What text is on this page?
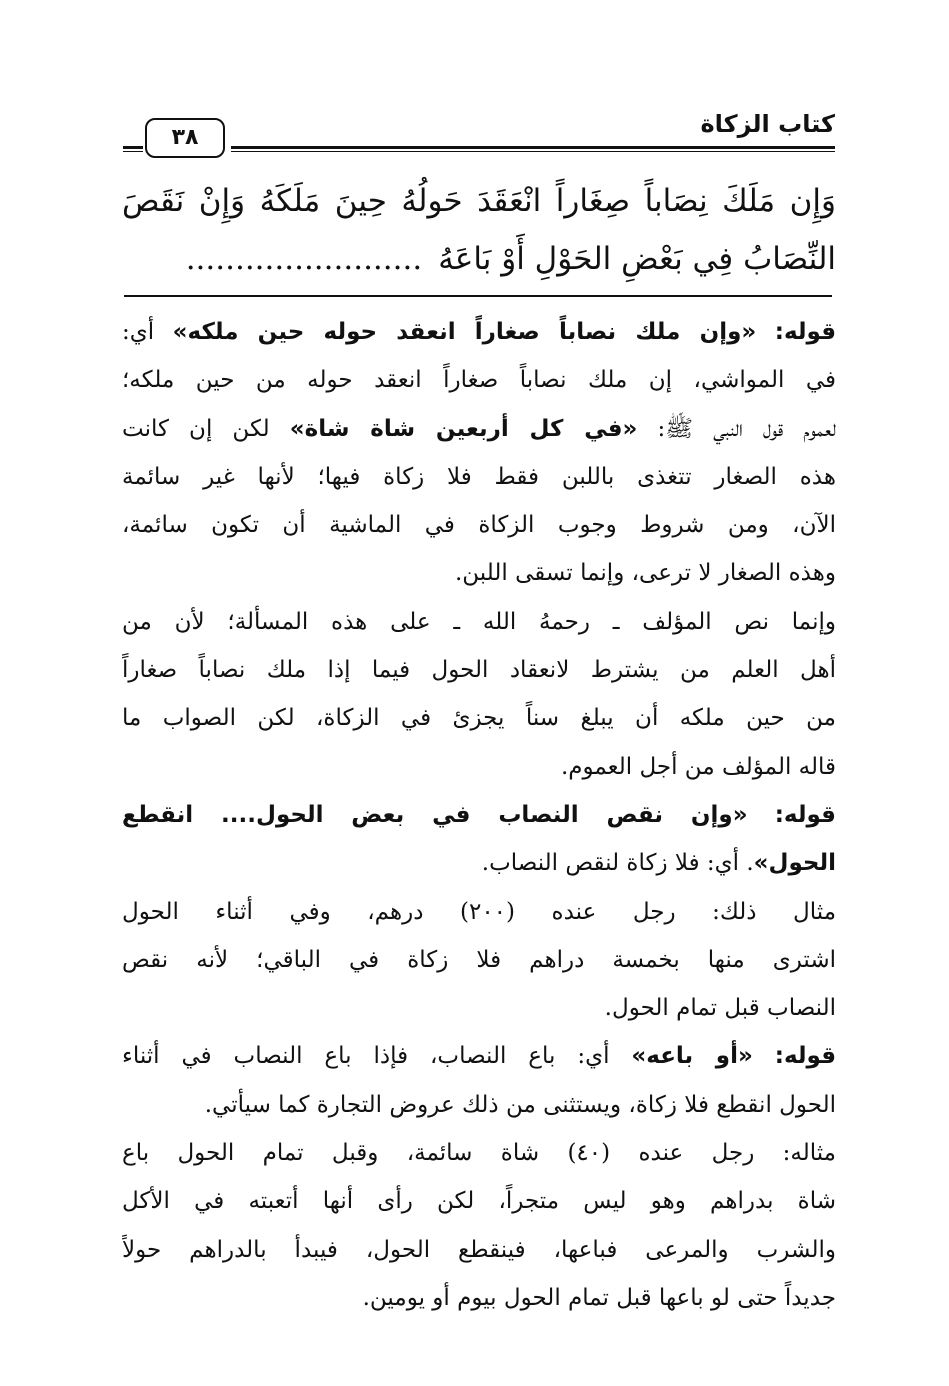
كتاب الزكاة
٣٨
وَإِن مَلَكَ نِصَاباً صِغَاراً انْعَقَدَ حَولُهُ حِينَ مَلَكَهُ وَإِنْ نَقَصَ
النِّصَابُ فِي بَعْضِ الحَوْلِ أَوْ بَاعَهُ........................
قوله: «وإن ملك نصاباً صغاراً انعقد حوله حين ملكه» أي:
في المواشي، إن ملك نصاباً صغاراً انعقد حوله من حين ملكه؛
لعموم قول النبي ﷺ: «في كل أربعين شاة شاة» لكن إن كانت
هذه الصغار تتغذى باللبن فقط فلا زكاة فيها؛ لأنها غير سائمة
الآن، ومن شروط وجوب الزكاة في الماشية أن تكون سائمة،
وهذه الصغار لا ترعى، وإنما تسقى اللبن.
وإنما نص المؤلف ـ رحمهُ الله ـ على هذه المسألة؛ لأن من
أهل العلم من يشترط لانعقاد الحول فيما إذا ملك نصاباً صغاراً
من حين ملكه أن يبلغ سناً يجزئ في الزكاة، لكن الصواب ما
قاله المؤلف من أجل العموم.
قوله: «وإن نقص النصاب في بعض الحول.... انقطع
الحول». أي: فلا زكاة لنقص النصاب.
مثال ذلك: رجل عنده (٢٠٠) درهم، وفي أثناء الحول
اشترى منها بخمسة دراهم فلا زكاة في الباقي؛ لأنه نقص
النصاب قبل تمام الحول.
قوله: «أو باعه» أي: باع النصاب، فإذا باع النصاب في أثناء
الحول انقطع فلا زكاة، ويستثنى من ذلك عروض التجارة كما سيأتي.
مثاله: رجل عنده (٤٠) شاة سائمة، وقبل تمام الحول باع
شاة بدراهم وهو ليس متجراً، لكن رأى أنها أتعبته في الأكل
والشرب والمرعى فباعها، فينقطع الحول، فيبدأ بالدراهم حولاً
جديداً حتى لو باعها قبل تمام الحول بيوم أو يومين.
